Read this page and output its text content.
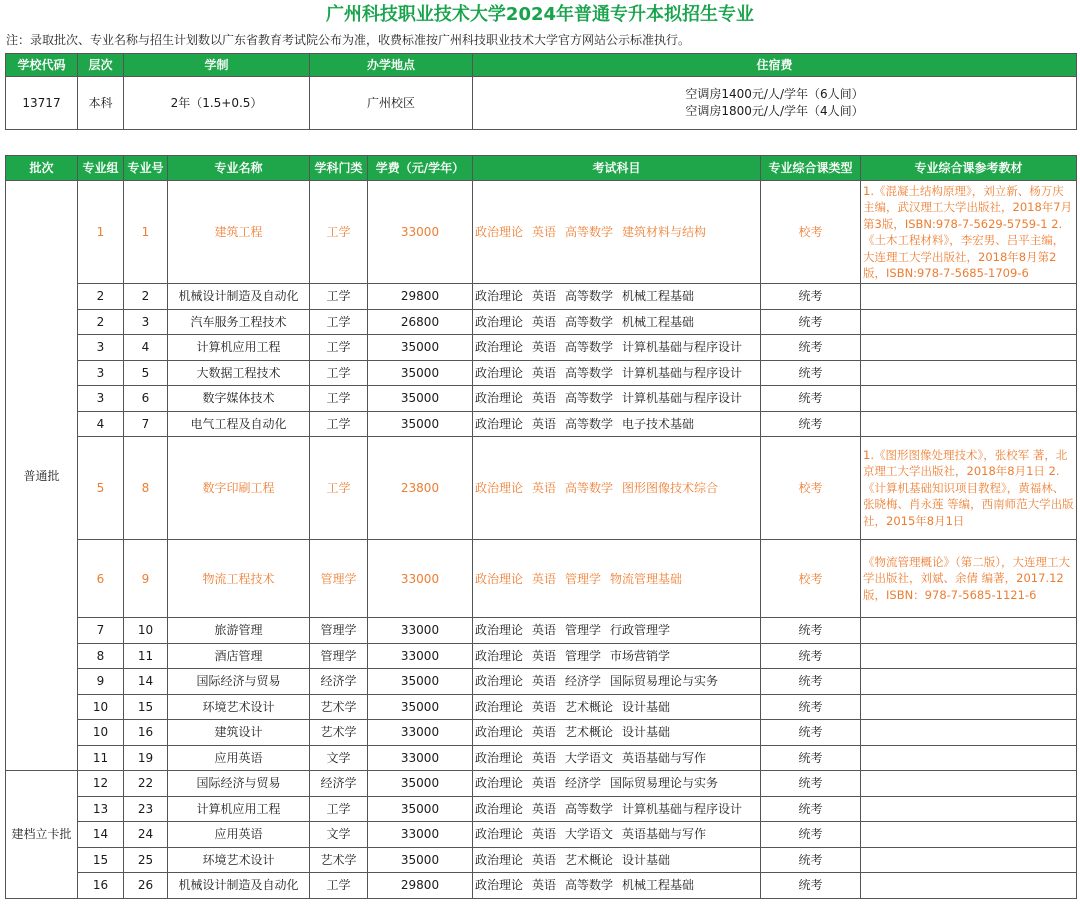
广州科技职业技术大学2024年普通专升本拟招生专业
注：录取批次、专业名称与招生计划数以广东省教育考试院公布为准，收费标准按广州科技职业技术大学官方网站公示标准执行。
学校代码	层次	学制	办学地点	住宿费
13717	本科	2年（1.5+0.5）	广州校区	空调房1400元/人/学年（6人间）
空调房1800元/人/学年（4人间）
批次	专业组	专业号	专业名称	学科门类	学费（元/学年）	考试科目	专业综合课类型	专业综合课参考教材
普通批	1	1	建筑工程	工学	33000	政治理论 英语 高等数学 建筑材料与结构	校考	1.《混凝土结构原理》，刘立新、杨万庆主编，武汉理工大学出版社，2018年7月第3版，ISBN:978-7-5629-5759-1 2.《土木工程材料》，李宏男、吕平主编，大连理工大学出版社，2018年8月第2版，ISBN:978-7-5685-1709-6
	2	2	机械设计制造及自动化	工学	29800	政治理论 英语 高等数学 机械工程基础	统考	
	2	3	汽车服务工程技术	工学	26800	政治理论 英语 高等数学 机械工程基础	统考	
	3	4	计算机应用工程	工学	35000	政治理论 英语 高等数学 计算机基础与程序设计	统考	
	3	5	大数据工程技术	工学	35000	政治理论 英语 高等数学 计算机基础与程序设计	统考	
	3	6	数字媒体技术	工学	35000	政治理论 英语 高等数学 计算机基础与程序设计	统考	
	4	7	电气工程及自动化	工学	35000	政治理论 英语 高等数学 电子技术基础	统考	
	5	8	数字印刷工程	工学	23800	政治理论 英语 高等数学 图形图像技术综合	校考	1.《图形图像处理技术》，张校军 著，北京理工大学出版社，2018年8月1日 2.《计算机基础知识项目教程》，黄福林、张晓梅、肖永莲 等编，西南师范大学出版社，2015年8月1日
	6	9	物流工程技术	管理学	33000	政治理论 英语 管理学 物流管理基础	校考	《物流管理概论》（第二版），大连理工大学出版社，刘斌、余倩 编著，2017.12 版，ISBN：978-7-5685-1121-6
	7	10	旅游管理	管理学	33000	政治理论 英语 管理学 行政管理学	统考	
	8	11	酒店管理	管理学	33000	政治理论 英语 管理学 市场营销学	统考	
	9	14	国际经济与贸易	经济学	35000	政治理论 英语 经济学 国际贸易理论与实务	统考	
	10	15	环境艺术设计	艺术学	35000	政治理论 英语 艺术概论 设计基础	统考	
	10	16	建筑设计	艺术学	33000	政治理论 英语 艺术概论 设计基础	统考	
	11	19	应用英语	文学	33000	政治理论 英语 大学语文 英语基础与写作	统考	
建档立卡批	12	22	国际经济与贸易	经济学	35000	政治理论 英语 经济学 国际贸易理论与实务	统考	
	13	23	计算机应用工程	工学	35000	政治理论 英语 高等数学 计算机基础与程序设计	统考	
	14	24	应用英语	文学	33000	政治理论 英语 大学语文 英语基础与写作	统考	
	15	25	环境艺术设计	艺术学	35000	政治理论 英语 艺术概论 设计基础	统考	
	16	26	机械设计制造及自动化	工学	29800	政治理论 英语 高等数学 机械工程基础	统考	
